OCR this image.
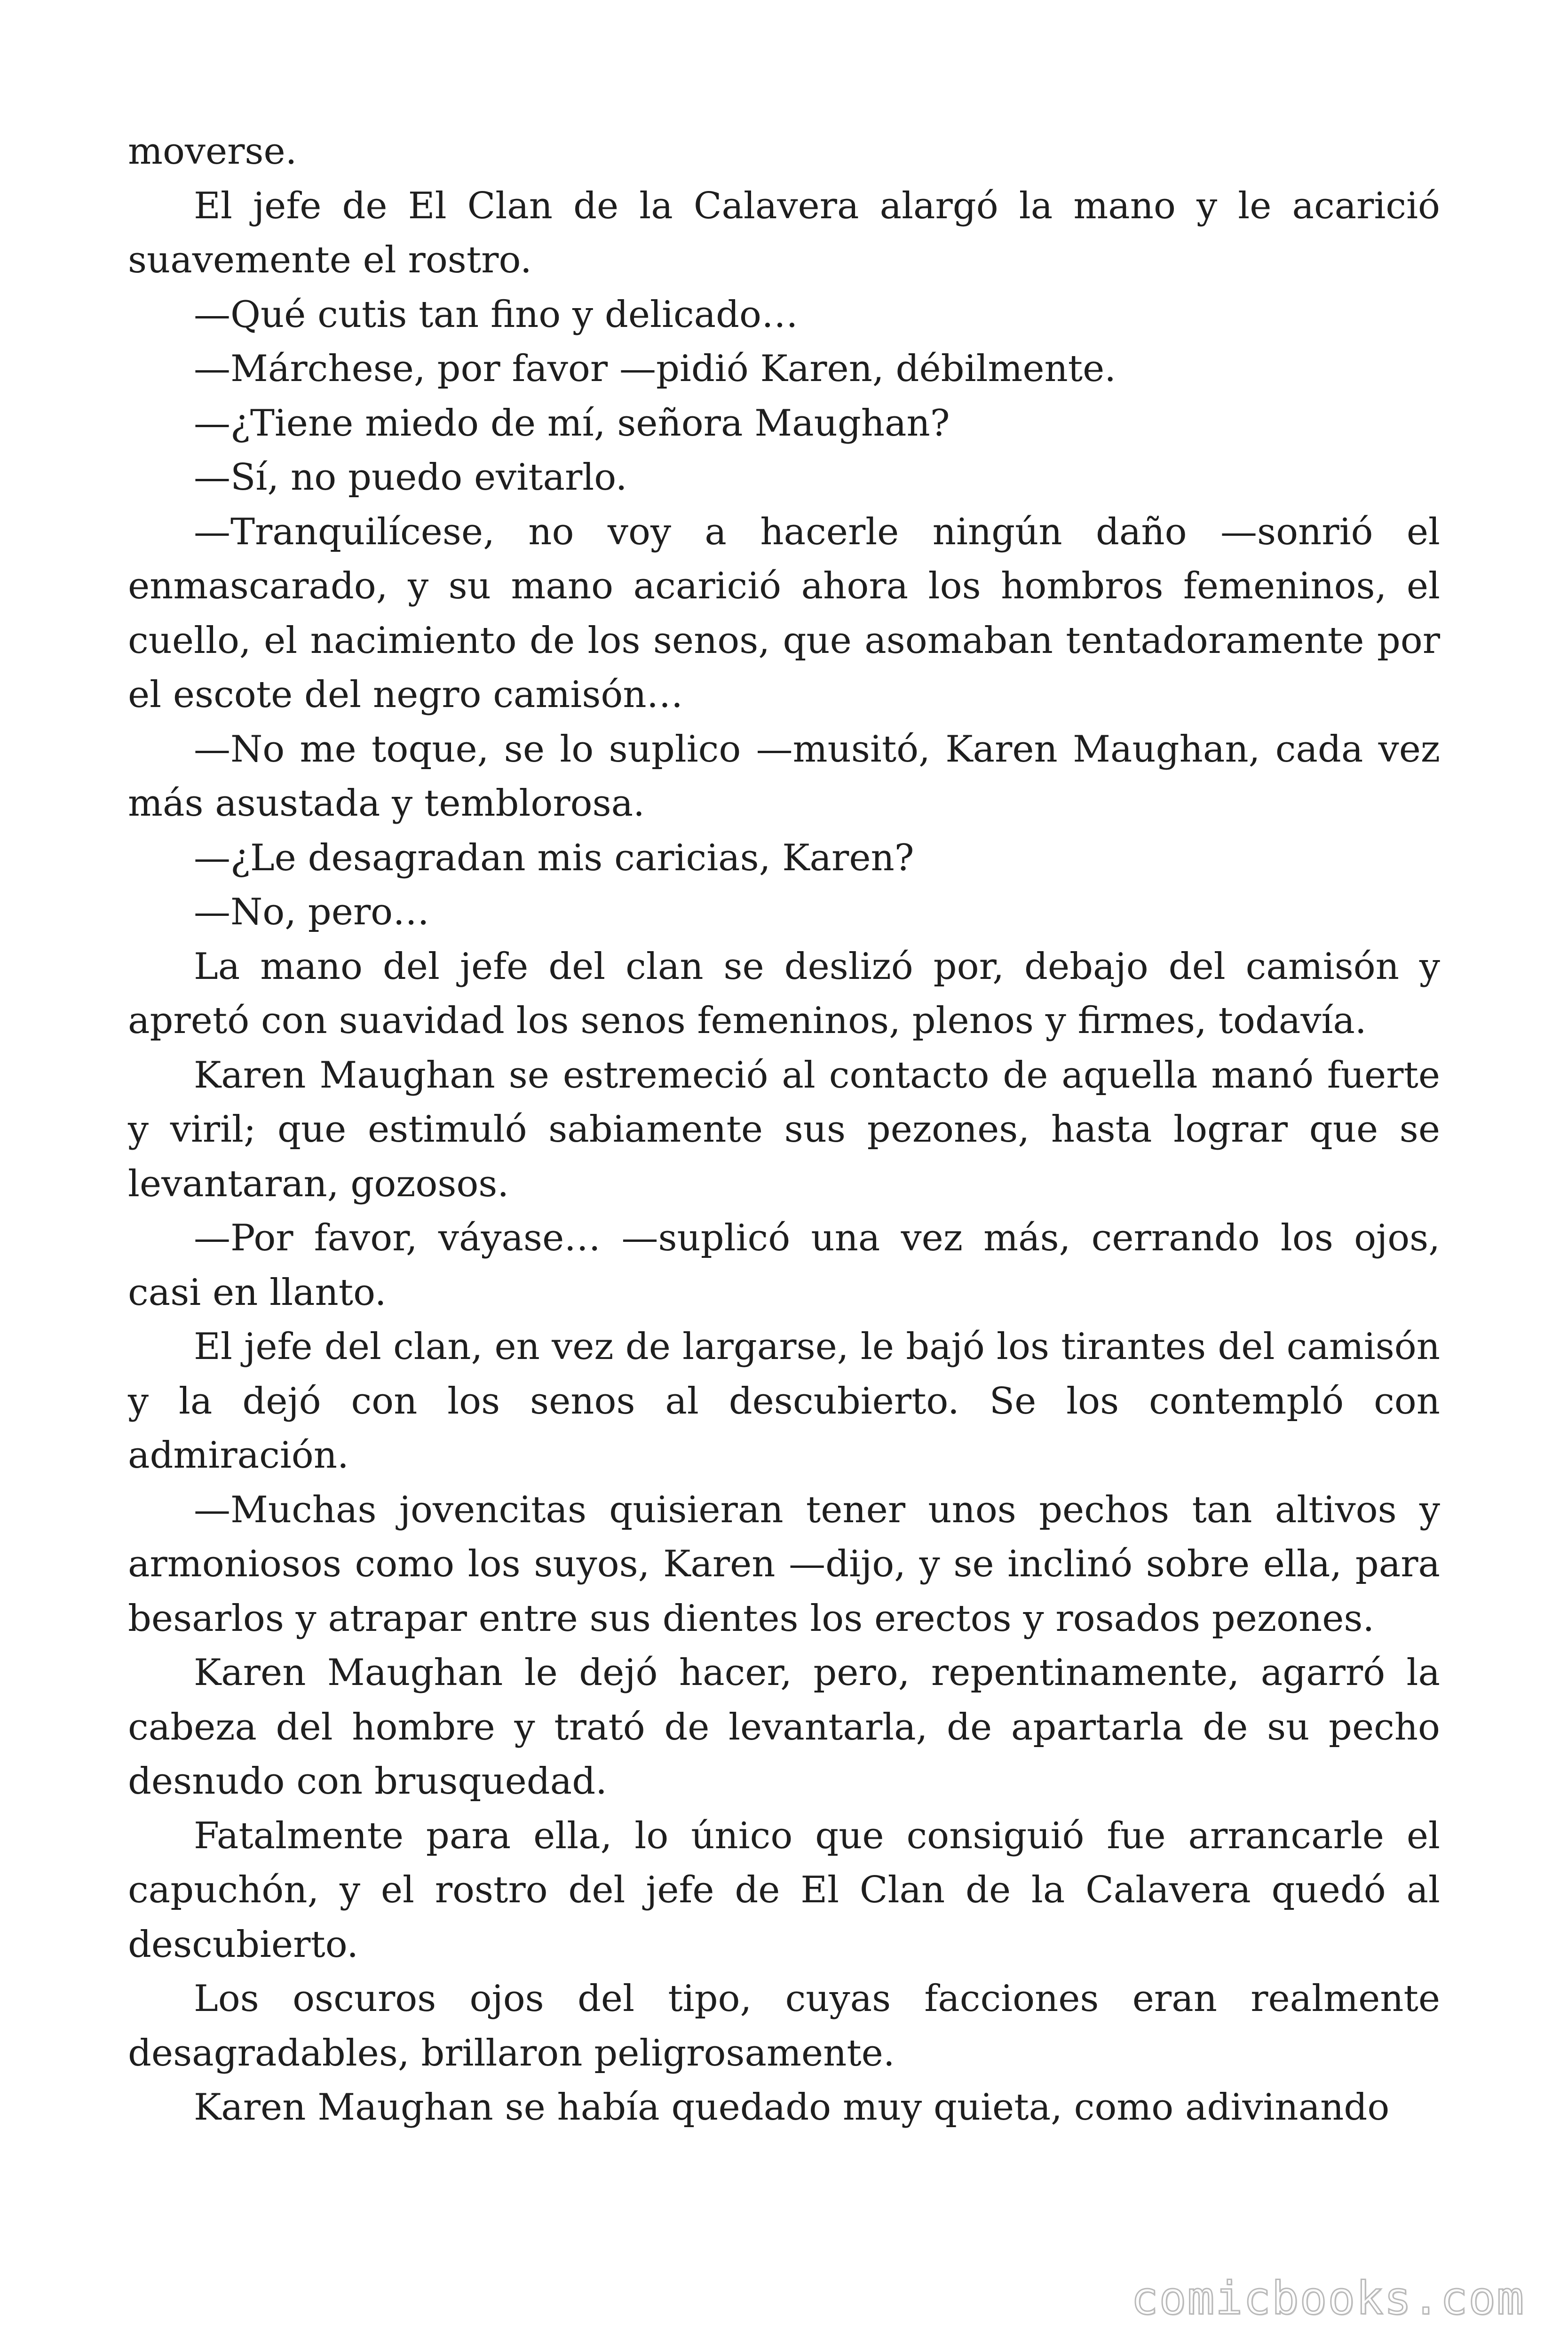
moverse.

El jefe de El Clan de la Calavera alargó la mano y le acarició suavemente el rostro.

—Qué cutis tan fino y delicado…

—Márchese, por favor —pidió Karen, débilmente.

—¿Tiene miedo de mí, señora Maughan?

—Sí, no puedo evitarlo.

—Tranquilícese, no voy a hacerle ningún daño —sonrió el enmascarado, y su mano acarició ahora los hombros femeninos, el cuello, el nacimiento de los senos, que asomaban tentadoramente por el escote del negro camisón…

—No me toque, se lo suplico —musitó, Karen Maughan, cada vez más asustada y temblorosa.

—¿Le desagradan mis caricias, Karen?

—No, pero…

La mano del jefe del clan se deslizó por, debajo del camisón y apretó con suavidad los senos femeninos, plenos y firmes, todavía.

Karen Maughan se estremeció al contacto de aquella manó fuerte y viril; que estimuló sabiamente sus pezones, hasta lograr que se levantaran, gozosos.

—Por favor, váyase… —suplicó una vez más, cerrando los ojos, casi en llanto.

El jefe del clan, en vez de largarse, le bajó los tirantes del camisón y la dejó con los senos al descubierto. Se los contempló con admiración.

—Muchas jovencitas quisieran tener unos pechos tan altivos y armoniosos como los suyos, Karen —dijo, y se inclinó sobre ella, para besarlos y atrapar entre sus dientes los erectos y rosados pezones.

Karen Maughan le dejó hacer, pero, repentinamente, agarró la cabeza del hombre y trató de levantarla, de apartarla de su pecho desnudo con brusquedad.

Fatalmente para ella, lo único que consiguió fue arrancarle el capuchón, y el rostro del jefe de El Clan de la Calavera quedó al descubierto.

Los oscuros ojos del tipo, cuyas facciones eran realmente desagradables, brillaron peligrosamente.

Karen Maughan se había quedado muy quieta, como adivinando

comicbooks.com
